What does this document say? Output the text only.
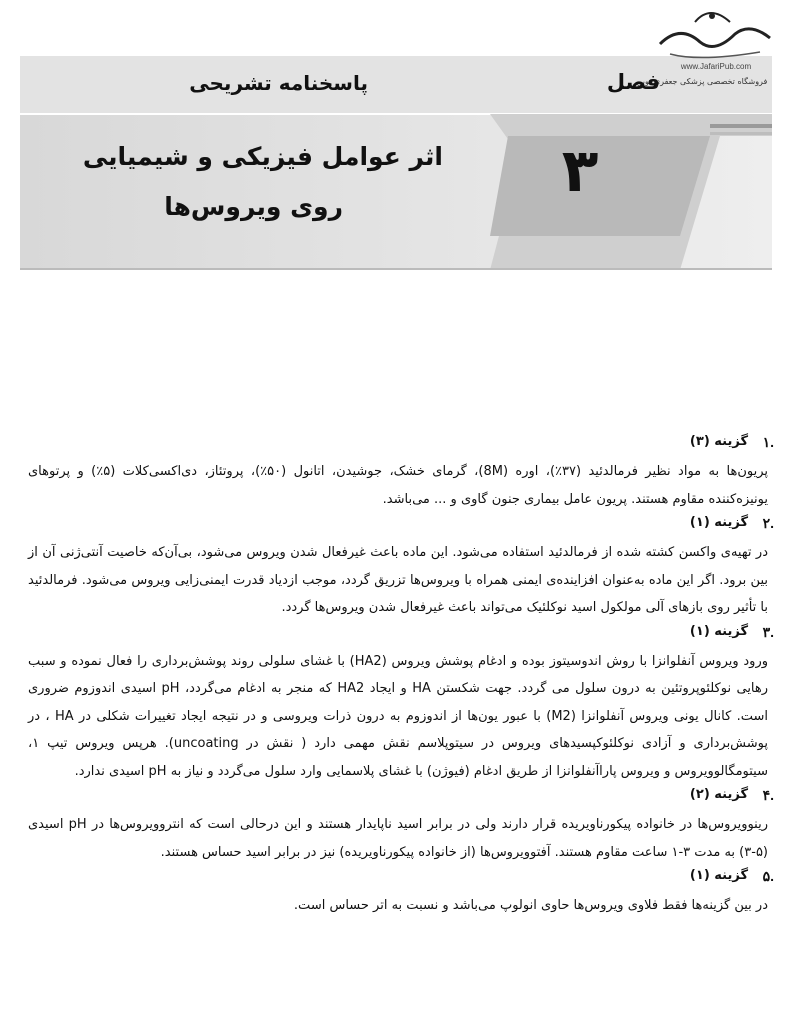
www.JafariPub.com
فروشگاه تخصصی پزشکی جعفری نوین
فصل
پاسخنامه تشریحی
۳
اثر عوامل فیزیکی و شیمیایی
روی ویروس‌ها
.۱
گزینه (۳)
پریون‌ها به مواد نظیر فرمالدئید (۳۷٪)، اوره (8M)، گرمای خشک، جوشیدن، اتانول (۵۰٪)، پروتئاز، دی‌اکسی‌کلات (۵٪) و پرتوهای یونیزه‌کننده مقاوم هستند. پریون عامل بیماری جنون گاوی و ... می‌باشد.
.۲
گزینه (۱)
در تهیه‌ی واکسن کشته شده از فرمالدئید استفاده می‌شود. این ماده باعث غیرفعال شدن ویروس می‌شود، بی‌آن‌که خاصیت آنتی‌ژنی آن از بین برود. اگر این ماده به‌عنوان افزاینده‌ی ایمنی همراه با ویروس‌ها تزریق گردد، موجب ازدیاد قدرت ایمنی‌زایی ویروس می‌شود. فرمالدئید با تأثیر روی بازهای آلی مولکول اسید نوکلئیک می‌تواند باعث غیرفعال شدن ویروس‌ها گردد.
.۳
گزینه (۱)
ورود ویروس آنفلوانزا با روش اندوسیتوز بوده و ادغام پوشش ویروس (HA2) با غشای سلولی روند پوشش‌برداری را فعال نموده و سبب رهایی نوکلئوپروتئین به درون سلول می گردد. جهت شکستن HA و ایجاد HA2 که منجر به ادغام می‌گردد، pH اسیدی اندوزوم ضروری است. کانال یونی ویروس آنفلوانزا (M2) با عبور یون‌ها از اندوزوم به درون ذرات ویروسی و در نتیجه ایجاد تغییرات شکلی در HA ، در پوشش‌برداری و آزادی نوکلئوکپسیدهای ویروس در سیتوپلاسم نقش مهمی دارد ( نقش در uncoating). هرپس ویروس تیپ ۱، سیتومگالوویروس و ویروس پاراآنفلوانزا از طریق ادغام (فیوژن) با غشای پلاسمایی وارد سلول می‌گردد و نیاز به pH اسیدی ندارد.
.۴
گزینه (۲)
رینوویروس‌ها در خانواده پیکورناویریده قرار دارند ولی در برابر اسید ناپایدار هستند و این درحالی است که انتروویروس‌ها در pH اسیدی (۵-۳) به مدت ۳-۱ ساعت مقاوم هستند. آفتوویروس‌ها (از خانواده پیکورناویریده) نیز در برابر اسید حساس هستند.
.۵
گزینه (۱)
در بین گزینه‌ها فقط فلاوی ویروس‌ها حاوی انولوپ می‌باشد و نسبت به اتر حساس است.
